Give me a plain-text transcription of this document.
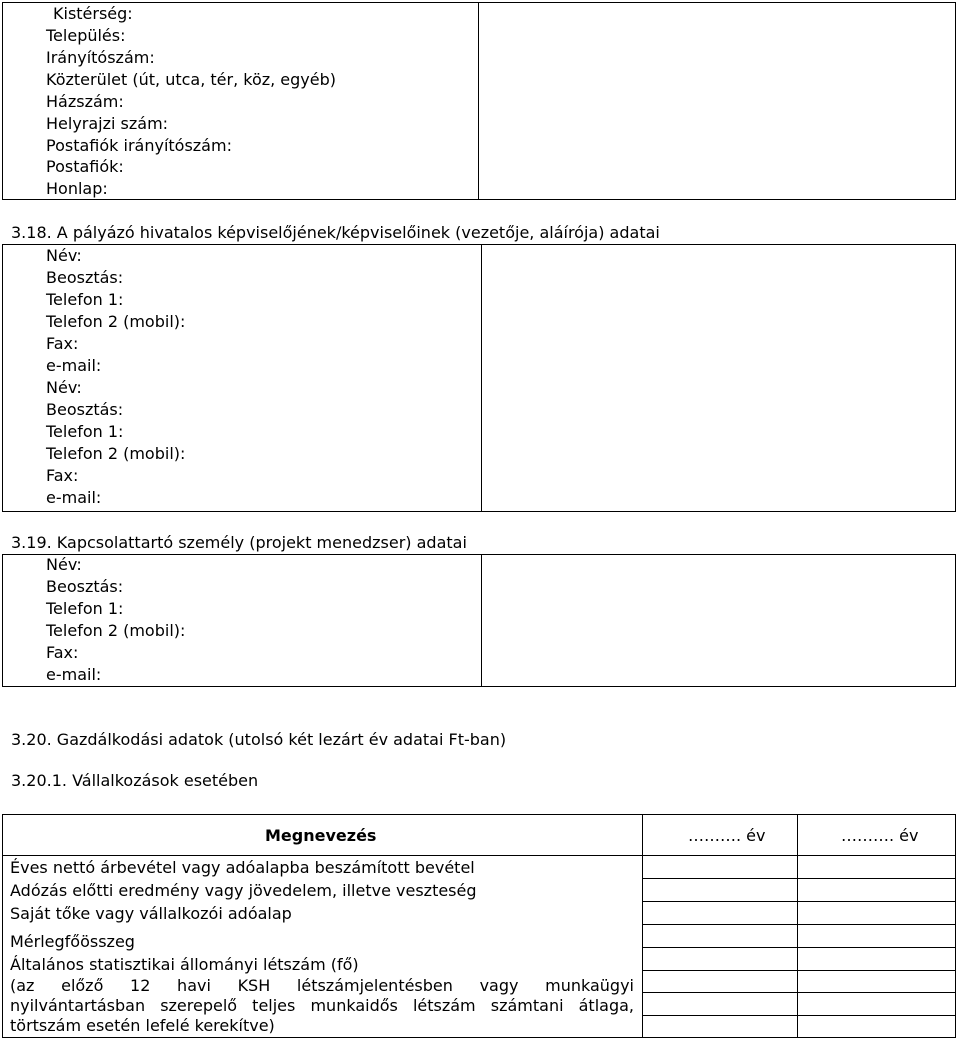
Kistérség:
Település:
Irányítószám:
Közterület (út, utca, tér, köz, egyéb)
Házszám:
Helyrajzi szám:
Postafiók irányítószám:
Postafiók:
Honlap:
3.18. A pályázó hivatalos képviselőjének/képviselőinek (vezetője, aláírója) adatai
Név:
Beosztás:
Telefon 1:
Telefon 2 (mobil):
Fax:
e-mail:
Név:
Beosztás:
Telefon 1:
Telefon 2 (mobil):
Fax:
e-mail:
3.19. Kapcsolattartó személy (projekt menedzser) adatai
Név:
Beosztás:
Telefon 1:
Telefon 2 (mobil):
Fax:
e-mail:
3.20. Gazdálkodási adatok (utolsó két lezárt év adatai Ft-ban)
3.20.1. Vállalkozások esetében
Megnevezés	………. év	………. év
Éves nettó árbevétel vagy adóalapba beszámított bevétel
Adózás előtti eredmény vagy jövedelem, illetve veszteség
Saját tőke vagy vállalkozói adóalap
Mérlegfőösszeg
Általános statisztikai állományi létszám (fő)
(az előző 12 havi KSH létszámjelentésben vagy munkaügyi
nyilvántartásban szerepelő teljes munkaidős létszám számtani átlaga,
törtszám esetén lefelé kerekítve)
